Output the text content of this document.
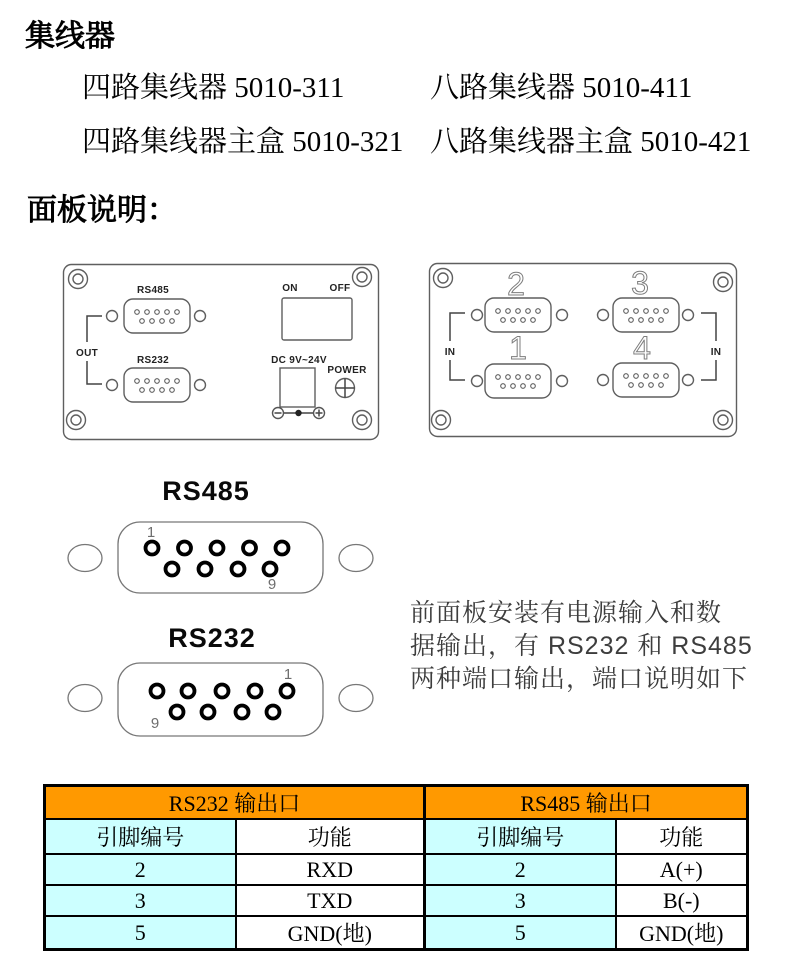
集线器
四路集线器 5010-311	八路集线器 5010-411
四路集线器主盒 5010-321 八路集线器主盒 5010-421
面板说明：
RS485
OUT
RS232
ON	OFF
DC 9V~24V
POWER
2	3
1	4
IN	IN
RS485
RS232
1
9
1
9
前面板安装有电源输入和数
据输出，有 RS232 和 RS485
两种端口输出，端口说明如下
RS232 输出口		RS485 输出口	
引脚编号	功能	引脚编号	功能
2	RXD	2	A(+)
3	TXD	3	B(-)
5	GND(地)	5	GND(地)
